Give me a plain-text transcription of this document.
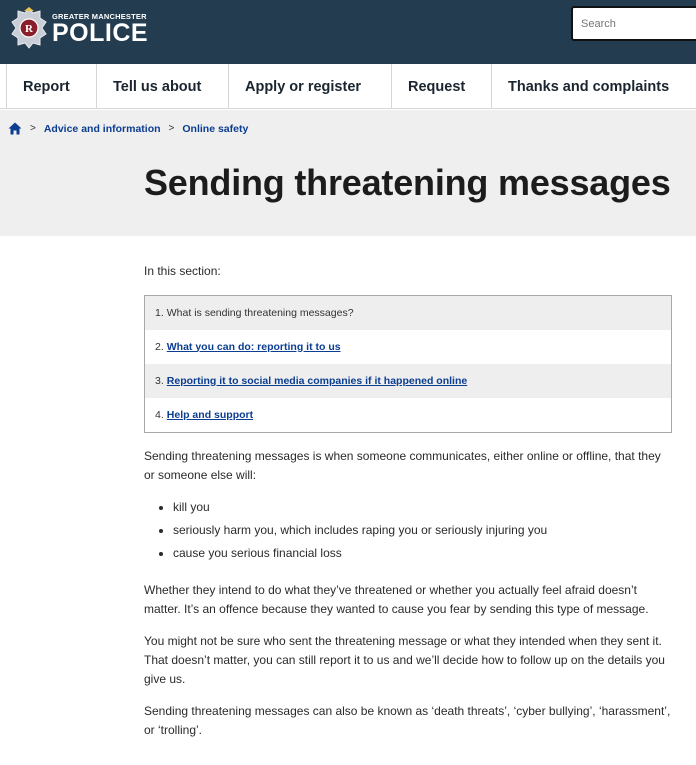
R
GREATER MANCHESTER
POLICE
Search
Report	Tell us about	Apply or register	Request	Thanks and complaints
> Advice and information > Online safety
Sending threatening messages
In this section:
1. What is sending threatening messages?
2. What you can do: reporting it to us
3. Reporting it to social media companies if it happened online
4. Help and support

Sending threatening messages is when someone communicates, either online or offline, that they or someone else will:

• kill you
• seriously harm you, which includes raping you or seriously injuring you
• cause you serious financial loss

Whether they intend to do what they’ve threatened or whether you actually feel afraid doesn’t matter. It’s an offence because they wanted to cause you fear by sending this type of message.

You might not be sure who sent the threatening message or what they intended when they sent it. That doesn’t matter, you can still report it to us and we’ll decide how to follow up on the details you give us.

Sending threatening messages can also be known as ‘death threats’, ‘cyber bullying’, ‘harassment’, or ‘trolling’.
